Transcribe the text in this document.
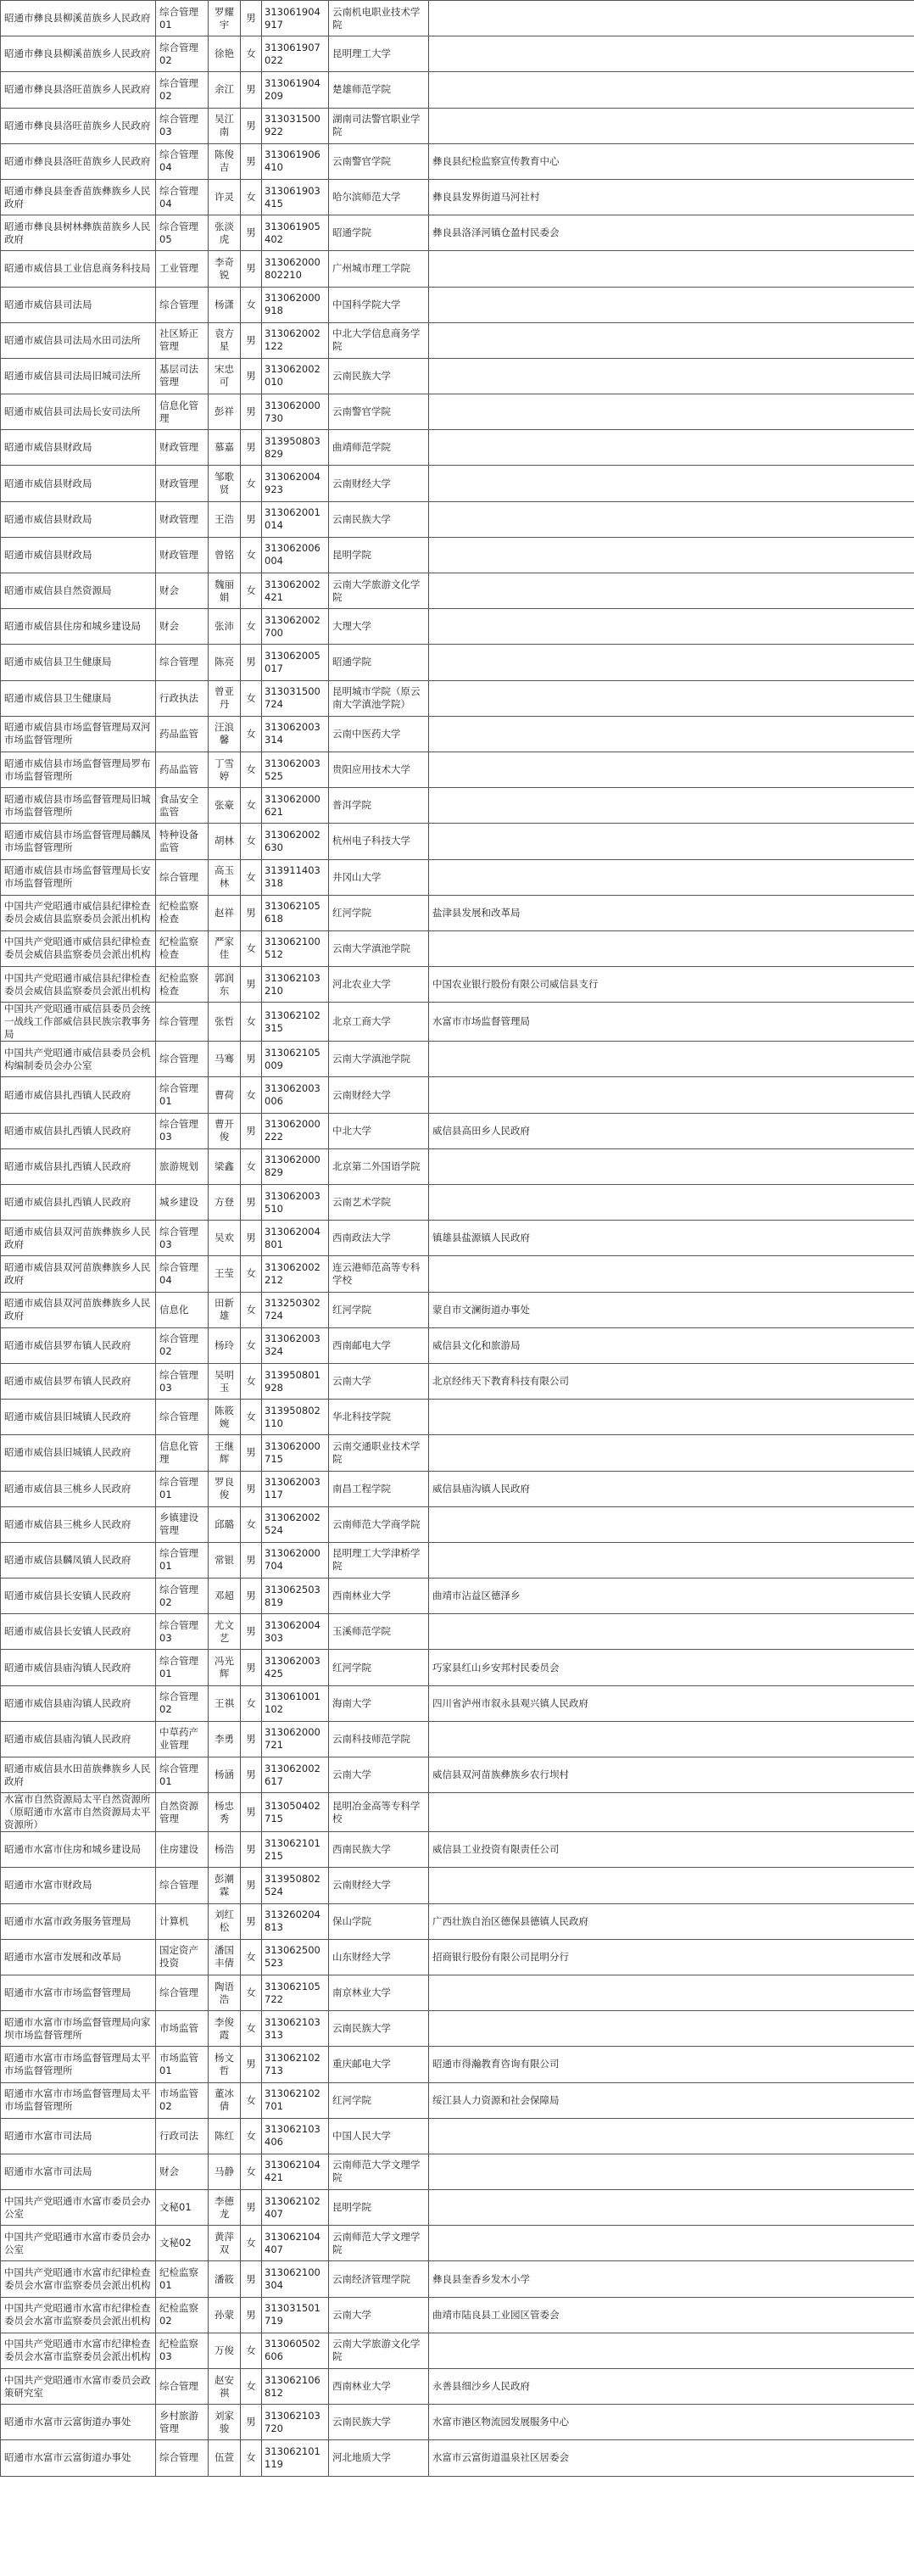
昭通市彝良县柳溪苗族乡人民政府	综合管理01	罗耀宇	男	313061904917	云南机电职业技术学院	
昭通市彝良县柳溪苗族乡人民政府	综合管理02	徐艳	女	313061907022	昆明理工大学	
昭通市彝良县洛旺苗族乡人民政府	综合管理02	余江	男	313061904209	楚雄师范学院	
昭通市彝良县洛旺苗族乡人民政府	综合管理03	吴江南	男	313031500922	湖南司法警官职业学院	
昭通市彝良县洛旺苗族乡人民政府	综合管理04	陈俊吉	男	313061906410	云南警官学院	彝良县纪检监察宣传教育中心
昭通市彝良县奎香苗族彝族乡人民政府	综合管理04	许灵	女	313061903415	哈尔滨师范大学	彝良县发界街道马河社村
昭通市彝良县树林彝族苗族乡人民政府	综合管理05	张淡虎	男	313061905402	昭通学院	彝良县洛泽河镇仓盈村民委会
昭通市威信县工业信息商务科技局	工业管理	李奇锐	男	313062000802210	广州城市理工学院	
昭通市威信县司法局	综合管理	杨潇	女	313062000918	中国科学院大学	
昭通市威信县司法局水田司法所	社区矫正管理	袁方星	男	313062002122	中北大学信息商务学院	
昭通市威信县司法局旧城司法所	基层司法管理	宋忠可	男	313062002010	云南民族大学	
昭通市威信县司法局长安司法所	信息化管理	彭祥	男	313062000730	云南警官学院	
昭通市威信县财政局	财政管理	慕嘉	男	313950803829	曲靖师范学院	
昭通市威信县财政局	财政管理	邹歌贤	女	313062004923	云南财经大学	
昭通市威信县财政局	财政管理	王浩	男	313062001014	云南民族大学	
昭通市威信县财政局	财政管理	曾铭	女	313062006004	昆明学院	
昭通市威信县自然资源局	财会	魏丽娟	女	313062002421	云南大学旅游文化学院	
昭通市威信县住房和城乡建设局	财会	张沛	女	313062002700	大理大学	
昭通市威信县卫生健康局	综合管理	陈亮	男	313062005017	昭通学院	
昭通市威信县卫生健康局	行政执法	曾亚丹	女	313031500724	昆明城市学院（原云南大学滇池学院）	
昭通市威信县市场监督管理局双河市场监督管理所	药品监管	汪浪馨	女	313062003314	云南中医药大学	
昭通市威信县市场监督管理局罗布市场监督管理所	药品监管	丁雪婷	女	313062003525	贵阳应用技术大学	
昭通市威信县市场监督管理局旧城市场监督管理所	食品安全监管	张豪	女	313062000621	普洱学院	
昭通市威信县市场监督管理局麟凤市场监督管理所	特种设备监管	胡林	女	313062002630	杭州电子科技大学	
昭通市威信县市场监督管理局长安市场监督管理所	综合管理	高玉林	女	313911403318	井冈山大学	
中国共产党昭通市威信县纪律检查委员会威信县监察委员会派出机构	纪检监察检查	赵祥	男	313062105618	红河学院	盐津县发展和改革局
中国共产党昭通市威信县纪律检查委员会威信县监察委员会派出机构	纪检监察检查	严家佳	女	313062100512	云南大学滇池学院	
中国共产党昭通市威信县纪律检查委员会威信县监察委员会派出机构	纪检监察检查	郭润东	男	313062103210	河北农业大学	中国农业银行股份有限公司威信县支行
中国共产党昭通市威信县委员会统一战线工作部威信县民族宗教事务局	综合管理	张哲	女	313062102315	北京工商大学	水富市市场监督管理局
中国共产党昭通市威信县委员会机构编制委员会办公室	综合管理	马骞	男	313062105009	云南大学滇池学院	
昭通市威信县扎西镇人民政府	综合管理01	曹荷	女	313062003006	云南财经大学	
昭通市威信县扎西镇人民政府	综合管理03	曹开俊	男	313062000222	中北大学	威信县高田乡人民政府
昭通市威信县扎西镇人民政府	旅游规划	梁鑫	女	313062000829	北京第二外国语学院	
昭通市威信县扎西镇人民政府	城乡建设	方登	男	313062003510	云南艺术学院	
昭通市威信县双河苗族彝族乡人民政府	综合管理03	吴欢	男	313062004801	西南政法大学	镇雄县盐源镇人民政府
昭通市威信县双河苗族彝族乡人民政府	综合管理04	王莹	女	313062002212	连云港师范高等专科学校	
昭通市威信县双河苗族彝族乡人民政府	信息化	田新雄	女	313250302724	红河学院	蒙自市文澜街道办事处
昭通市威信县罗布镇人民政府	综合管理02	杨玲	女	313062003324	西南邮电大学	威信县文化和旅游局
昭通市威信县罗布镇人民政府	综合管理03	吴明玉	女	313950801928	云南大学	北京经纬天下教育科技有限公司
昭通市威信县旧城镇人民政府	综合管理	陈筱婉	女	313950802110	华北科技学院	
昭通市威信县旧城镇人民政府	信息化管理	王继辉	男	313062000715	云南交通职业技术学院	
昭通市威信县三桃乡人民政府	综合管理01	罗良俊	男	313062003117	南昌工程学院	威信县庙沟镇人民政府
昭通市威信县三桃乡人民政府	乡镇建设管理	邱璐	女	313062002524	云南师范大学商学院	
昭通市威信县麟凤镇人民政府	综合管理01	常银	男	313062000704	昆明理工大学津桥学院	
昭通市威信县长安镇人民政府	综合管理02	邓超	男	313062503819	西南林业大学	曲靖市沾益区德泽乡
昭通市威信县长安镇人民政府	综合管理03	尤文艺	男	313062004303	玉溪师范学院	
昭通市威信县庙沟镇人民政府	综合管理01	冯光辉	男	313062003425	红河学院	巧家县红山乡安邦村民委员会
昭通市威信县庙沟镇人民政府	综合管理02	王祺	女	313061001102	海南大学	四川省泸州市叙永县观兴镇人民政府
昭通市威信县庙沟镇人民政府	中草药产业管理	李勇	男	313062000721	云南科技师范学院	
昭通市威信县水田苗族彝族乡人民政府	综合管理01	杨涵	男	313062002617	云南大学	威信县双河苗族彝族乡农行坝村
水富市自然资源局太平自然资源所（原昭通市水富市自然资源局太平资源所）	自然资源管理	杨忠秀	男	313050402715	昆明冶金高等专科学校	
昭通市水富市住房和城乡建设局	住房建设	杨浩	男	313062101215	西南民族大学	威信县工业投资有限责任公司
昭通市水富市财政局	综合管理	彭潮霖	男	313950802524	云南财经大学	
昭通市水富市政务服务管理局	计算机	刘红松	男	313260204813	保山学院	广西壮族自治区德保县德镇人民政府
昭通市水富市发展和改革局	国定资产投资	潘国丰倩	女	313062500523	山东财经大学	招商银行股份有限公司昆明分行
昭通市水富市市场监督管理局	综合管理	陶语浩	女	313062105722	南京林业大学	
昭通市水富市市场监督管理局向家坝市场监督管理所	市场监管	李俊霞	女	313062103313	云南民族大学	
昭通市水富市市场监督管理局太平市场监督管理所	市场监管01	杨文哲	男	313062102713	重庆邮电大学	昭通市得瀚教育咨询有限公司
昭通市水富市市场监督管理局太平市场监督管理所	市场监管02	董冰倩	女	313062102701	红河学院	绥江县人力资源和社会保障局
昭通市水富市司法局	行政司法	陈红	女	313062103406	中国人民大学	
昭通市水富市司法局	财会	马静	女	313062104421	云南师范大学文理学院	
中国共产党昭通市水富市委员会办公室	文秘01	李德龙	男	313062102407	昆明学院	
中国共产党昭通市水富市委员会办公室	文秘02	黄萍双	女	313062104407	云南师范大学文理学院	
中国共产党昭通市水富市纪律检查委员会水富市监察委员会派出机构	纪检监察01	潘筱	男	313062100304	云南经济管理学院	彝良县奎香乡发木小学
中国共产党昭通市水富市纪律检查委员会水富市监察委员会派出机构	纪检监察02	孙蒙	男	313031501719	云南大学	曲靖市陆良县工业园区管委会
中国共产党昭通市水富市纪律检查委员会水富市监察委员会派出机构	纪检监察03	万俊	女	313060502606	云南大学旅游文化学院	
中国共产党昭通市水富市委员会政策研究室	综合管理	赵安祺	女	313062106812	西南林业大学	永善县细沙乡人民政府
昭通市水富市云富街道办事处	乡村旅游管理	刘家骏	男	313062103720	云南民族大学	水富市港区物流园发展服务中心
昭通市水富市云富街道办事处	综合管理	伍萱	女	313062101119	河北地质大学	水富市云富街道温泉社区居委会
